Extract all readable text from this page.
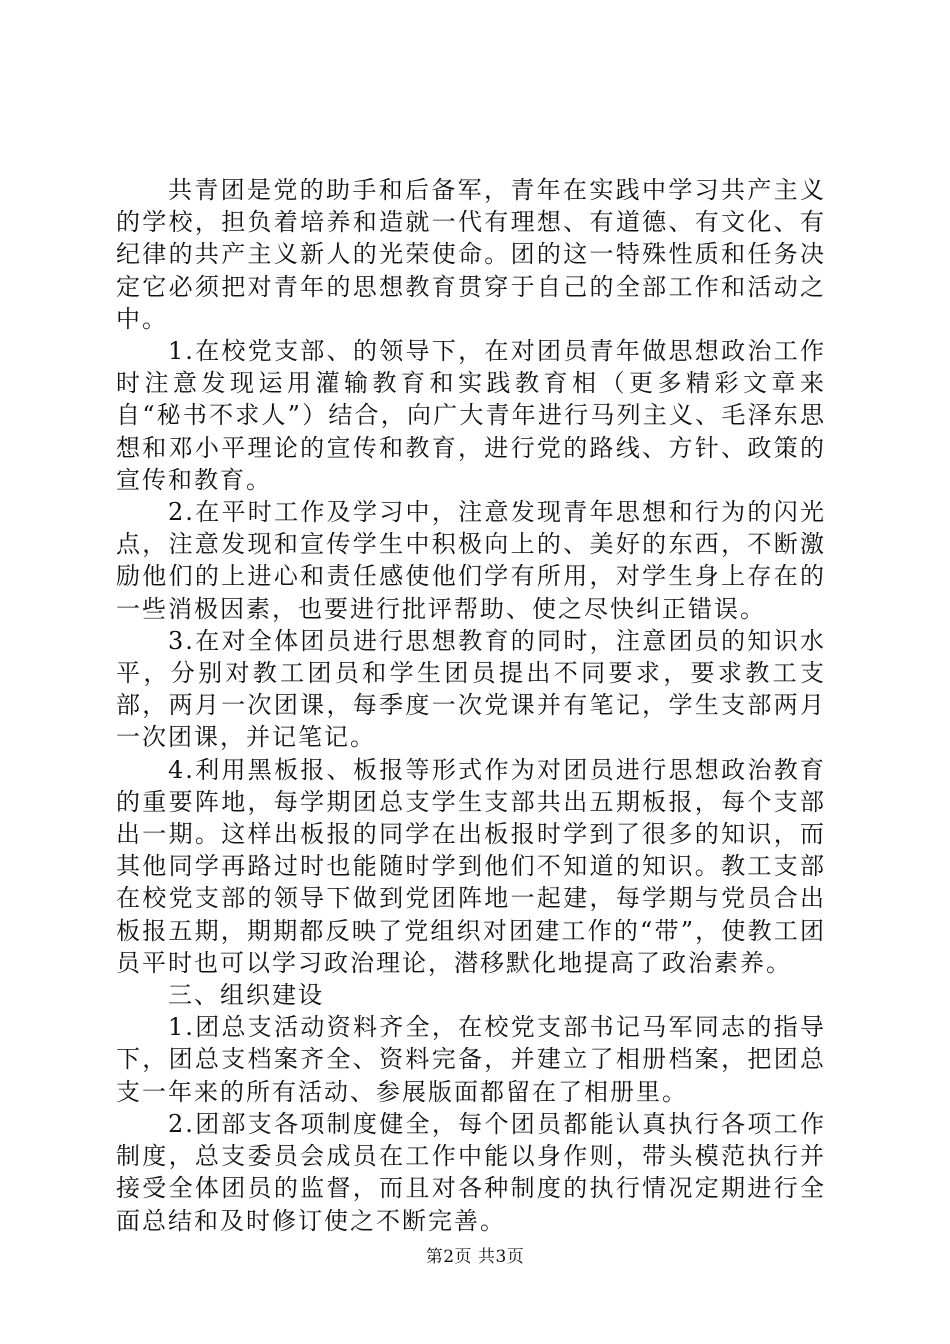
共青团是党的助手和后备军，青年在实践中学习共产主义的学校，担负着培养和造就一代有理想、有道德、有文化、有纪律的共产主义新人的光荣使命。团的这一特殊性质和任务决定它必须把对青年的思想教育贯穿于自己的全部工作和活动之中。

1.在校党支部、的领导下，在对团员青年做思想政治工作时注意发现运用灌输教育和实践教育相（更多精彩文章来自“秘书不求人”）结合，向广大青年进行马列主义、毛泽东思想和邓小平理论的宣传和教育，进行党的路线、方针、政策的宣传和教育。

2.在平时工作及学习中，注意发现青年思想和行为的闪光点，注意发现和宣传学生中积极向上的、美好的东西，不断激励他们的上进心和责任感使他们学有所用，对学生身上存在的一些消极因素，也要进行批评帮助、使之尽快纠正错误。

3.在对全体团员进行思想教育的同时，注意团员的知识水平，分别对教工团员和学生团员提出不同要求，要求教工支部，两月一次团课，每季度一次党课并有笔记，学生支部两月一次团课，并记笔记。

4.利用黑板报、板报等形式作为对团员进行思想政治教育的重要阵地，每学期团总支学生支部共出五期板报，每个支部出一期。这样出板报的同学在出板报时学到了很多的知识，而其他同学再路过时也能随时学到他们不知道的知识。教工支部在校党支部的领导下做到党团阵地一起建，每学期与党员合出板报五期，期期都反映了党组织对团建工作的“带”，使教工团员平时也可以学习政治理论，潜移默化地提高了政治素养。

三、组织建设

1.团总支活动资料齐全，在校党支部书记马军同志的指导下，团总支档案齐全、资料完备，并建立了相册档案，把团总支一年来的所有活动、参展版面都留在了相册里。

2.团部支各项制度健全，每个团员都能认真执行各项工作制度，总支委员会成员在工作中能以身作则，带头模范执行并接受全体团员的监督，而且对各种制度的执行情况定期进行全面总结和及时修订使之不断完善。

第2页 共3页
